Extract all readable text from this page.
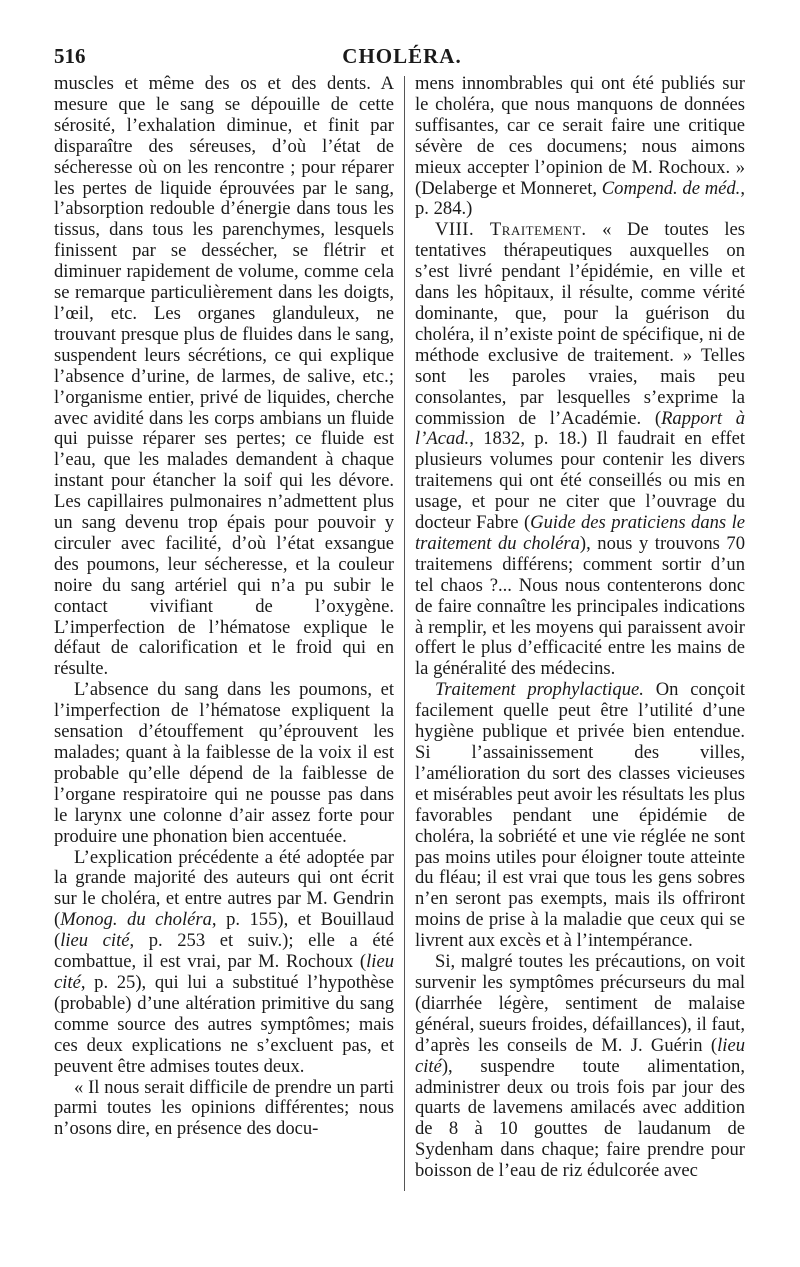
516	CHOLÉRA.

muscles et même des os et des dents. A mesure que le sang se dépouille de cette sérosité, l’exhalation diminue, et finit par disparaître des séreuses, d’où l’état de sécheresse où on les rencontre ; pour réparer les pertes de liquide éprouvées par le sang, l’absorption redouble d’énergie dans tous les tissus, dans tous les parenchymes, lesquels finissent par se dessécher, se flétrir et diminuer rapidement de volume, comme cela se remarque particulièrement dans les doigts, l’œil, etc. Les organes glanduleux, ne trouvant presque plus de fluides dans le sang, suspendent leurs sécrétions, ce qui explique l’absence d’urine, de larmes, de salive, etc.; l’organisme entier, privé de liquides, cherche avec avidité dans les corps ambians un fluide qui puisse réparer ses pertes; ce fluide est l’eau, que les malades demandent à chaque instant pour étancher la soif qui les dévore. Les capillaires pulmonaires n’admettent plus un sang devenu trop épais pour pouvoir y circuler avec facilité, d’où l’état exsangue des poumons, leur sécheresse, et la couleur noire du sang artériel qui n’a pu subir le contact vivifiant de l’oxygène. L’imperfection de l’hématose explique le défaut de calorification et le froid qui en résulte.

L’absence du sang dans les poumons, et l’imperfection de l’hématose expliquent la sensation d’étouffement qu’éprouvent les malades; quant à la faiblesse de la voix il est probable qu’elle dépend de la faiblesse de l’organe respiratoire qui ne pousse pas dans le larynx une colonne d’air assez forte pour produire une phonation bien accentuée.

L’explication précédente a été adoptée par la grande majorité des auteurs qui ont écrit sur le choléra, et entre autres par M. Gendrin (Monog. du choléra, p. 155), et Bouillaud (lieu cité, p. 253 et suiv.); elle a été combattue, il est vrai, par M. Rochoux (lieu cité, p. 25), qui lui a substitué l’hypothèse (probable) d’une altération primitive du sang comme source des autres symptômes; mais ces deux explications ne s’excluent pas, et peuvent être admises toutes deux.

« Il nous serait difficile de prendre un parti parmi toutes les opinions différentes; nous n’osons dire, en présence des docu-

mens innombrables qui ont été publiés sur le choléra, que nous manquons de données suffisantes, car ce serait faire une critique sévère de ces documens; nous aimons mieux accepter l’opinion de M. Rochoux. » (Delaberge et Monneret, Compend. de méd., p. 284.)

VIII. Traitement. « De toutes les tentatives thérapeutiques auxquelles on s’est livré pendant l’épidémie, en ville et dans les hôpitaux, il résulte, comme vérité dominante, que, pour la guérison du choléra, il n’existe point de spécifique, ni de méthode exclusive de traitement. » Telles sont les paroles vraies, mais peu consolantes, par lesquelles s’exprime la commission de l’Académie. (Rapport à l’Acad., 1832, p. 18.) Il faudrait en effet plusieurs volumes pour contenir les divers traitemens qui ont été conseillés ou mis en usage, et pour ne citer que l’ouvrage du docteur Fabre (Guide des praticiens dans le traitement du choléra), nous y trouvons 70 traitemens différens; comment sortir d’un tel chaos ?... Nous nous contenterons donc de faire connaître les principales indications à remplir, et les moyens qui paraissent avoir offert le plus d’efficacité entre les mains de la généralité des médecins.

Traitement prophylactique. On conçoit facilement quelle peut être l’utilité d’une hygiène publique et privée bien entendue. Si l’assainissement des villes, l’amélioration du sort des classes vicieuses et misérables peut avoir les résultats les plus favorables pendant une épidémie de choléra, la sobriété et une vie réglée ne sont pas moins utiles pour éloigner toute atteinte du fléau; il est vrai que tous les gens sobres n’en seront pas exempts, mais ils offriront moins de prise à la maladie que ceux qui se livrent aux excès et à l’intempérance.

Si, malgré toutes les précautions, on voit survenir les symptômes précurseurs du mal (diarrhée légère, sentiment de malaise général, sueurs froides, défaillances), il faut, d’après les conseils de M. J. Guérin (lieu cité), suspendre toute alimentation, administrer deux ou trois fois par jour des quarts de lavemens amilacés avec addition de 8 à 10 gouttes de laudanum de Sydenham dans chaque; faire prendre pour boisson de l’eau de riz édulcorée avec
